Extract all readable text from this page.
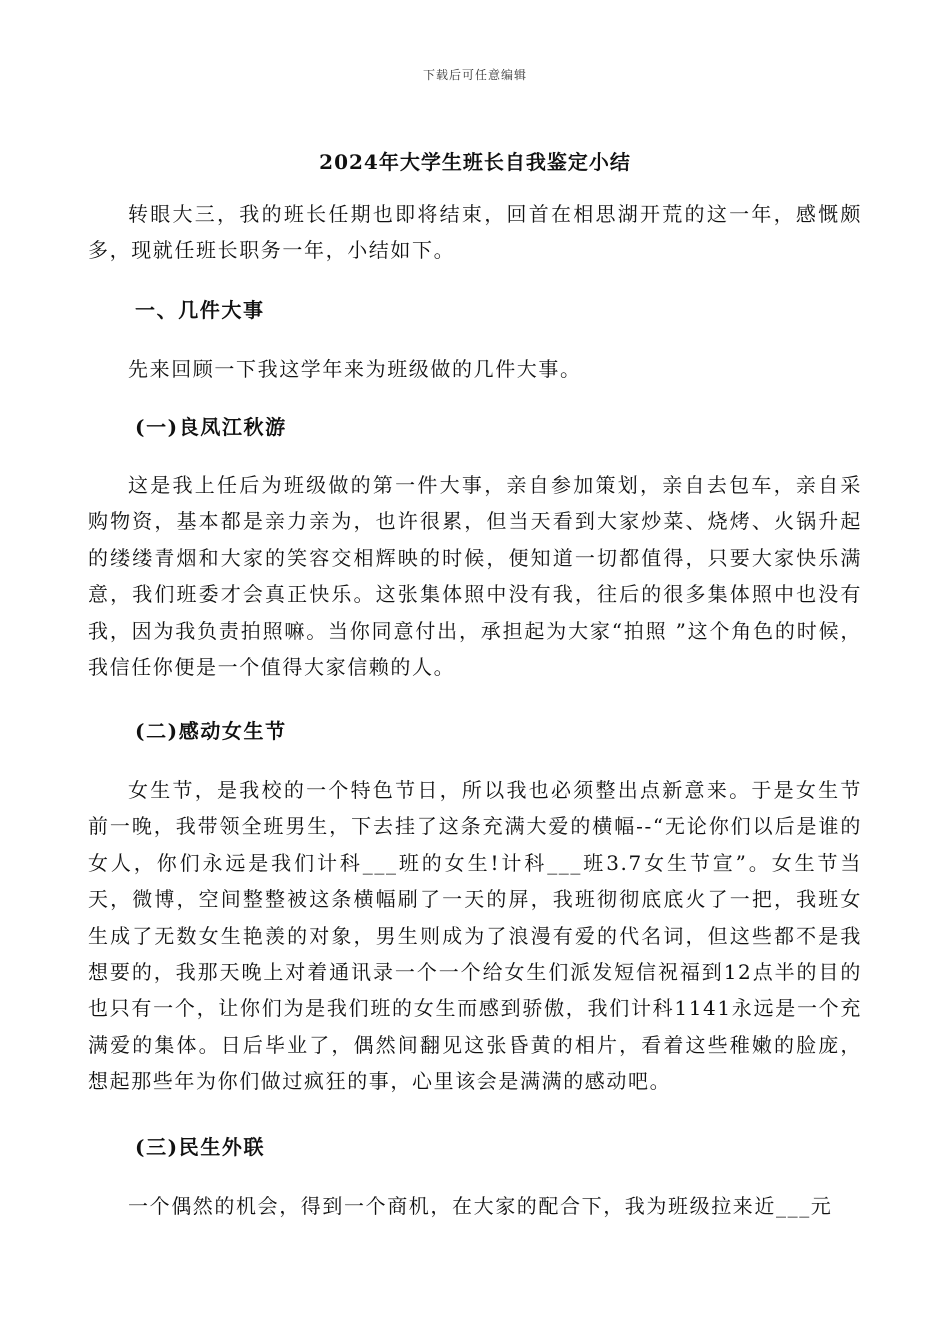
下载后可任意编辑
2024年大学生班长自我鉴定小结

转眼大三，我的班长任期也即将结束，回首在相思湖开荒的这一年，感慨颇多，现就任班长职务一年，小结如下。

一、几件大事

先来回顾一下我这学年来为班级做的几件大事。

(一)良凤江秋游

这是我上任后为班级做的第一件大事，亲自参加策划，亲自去包车，亲自采购物资，基本都是亲力亲为，也许很累，但当天看到大家炒菜、烧烤、火锅升起的缕缕青烟和大家的笑容交相辉映的时候，便知道一切都值得，只要大家快乐满意，我们班委才会真正快乐。这张集体照中没有我，往后的很多集体照中也没有我，因为我负责拍照嘛。当你同意付出，承担起为大家“拍照 ”这个角色的时候，我信任你便是一个值得大家信赖的人。

(二)感动女生节

女生节，是我校的一个特色节日，所以我也必须整出点新意来。于是女生节前一晚，我带领全班男生，下去挂了这条充满大爱的横幅--“无论你们以后是谁的女人，你们永远是我们计科___班的女生!计科___班3.7女生节宣”。女生节当天，微博，空间整整被这条横幅刷了一天的屏，我班彻彻底底火了一把，我班女生成了无数女生艳羡的对象，男生则成为了浪漫有爱的代名词，但这些都不是我想要的，我那天晚上对着通讯录一个一个给女生们派发短信祝福到12点半的目的也只有一个，让你们为是我们班的女生而感到骄傲，我们计科1141永远是一个充满爱的集体。日后毕业了，偶然间翻见这张昏黄的相片，看着这些稚嫩的脸庞，想起那些年为你们做过疯狂的事，心里该会是满满的感动吧。

(三)民生外联

一个偶然的机会，得到一个商机，在大家的配合下，我为班级拉来近___元
